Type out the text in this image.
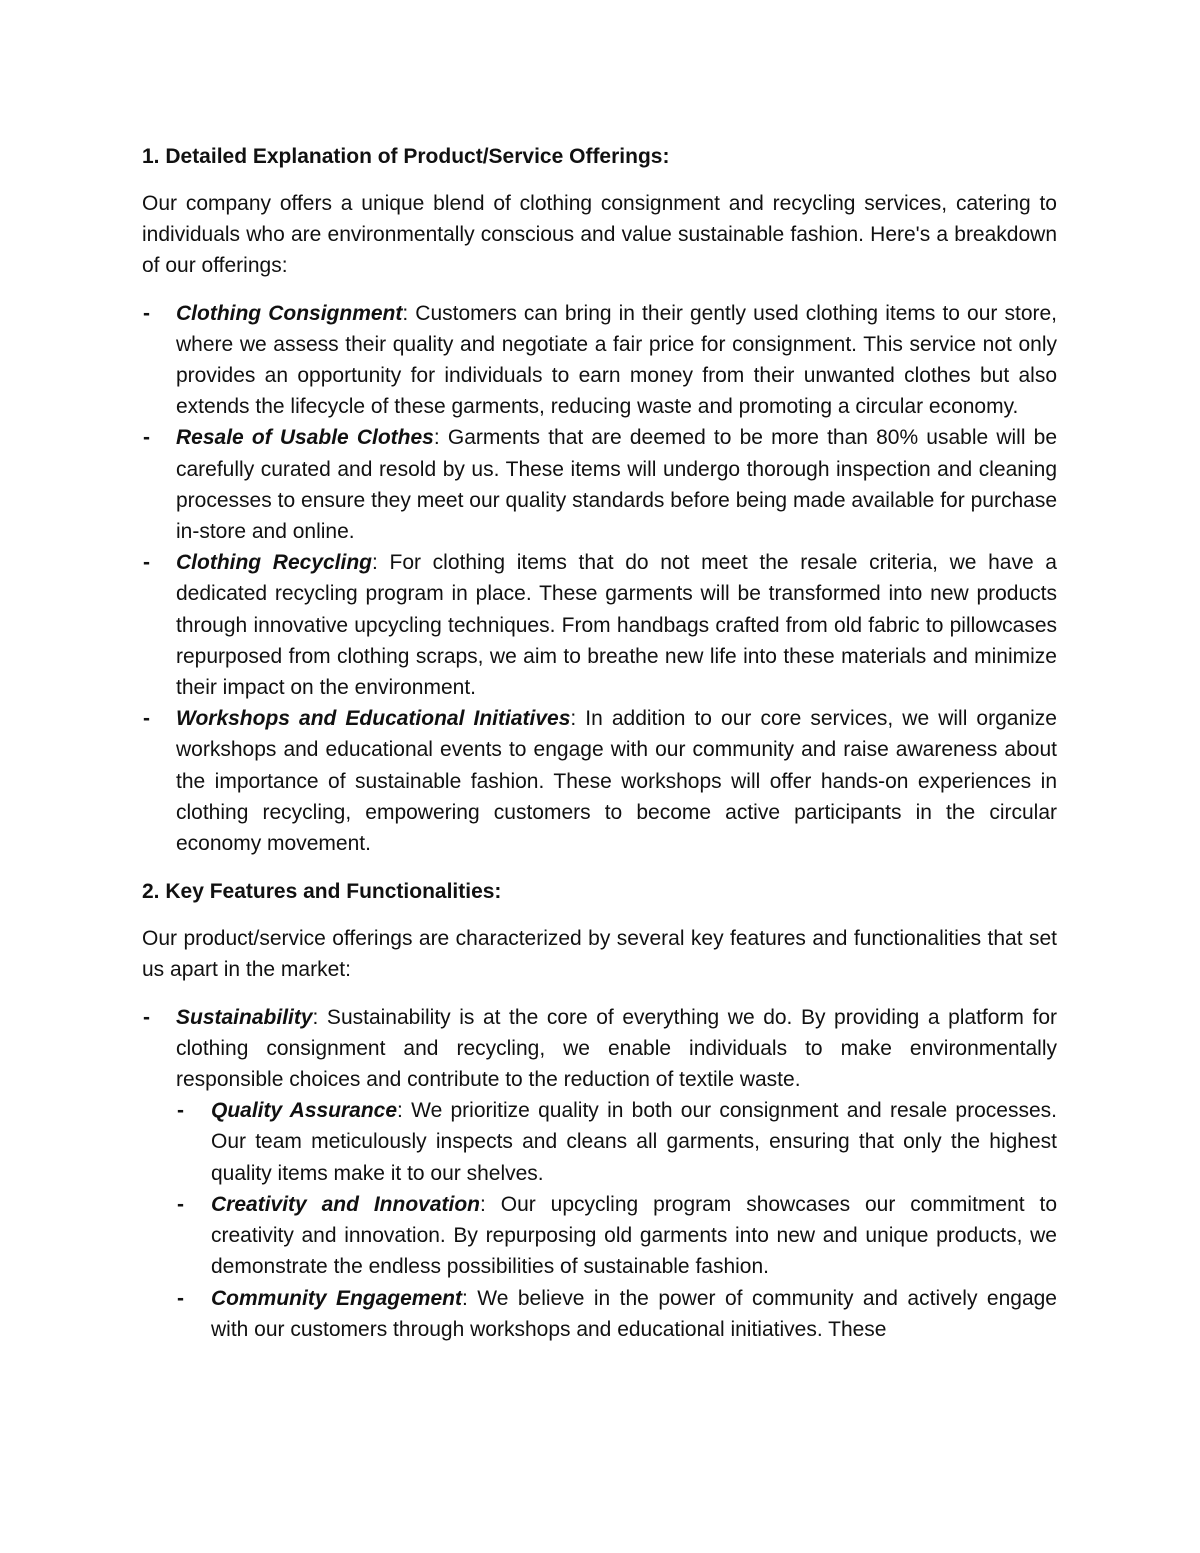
1. Detailed Explanation of Product/Service Offerings:

Our company offers a unique blend of clothing consignment and recycling services, catering to individuals who are environmentally conscious and value sustainable fashion. Here's a breakdown of our offerings:

- Clothing Consignment: Customers can bring in their gently used clothing items to our store, where we assess their quality and negotiate a fair price for consignment. This service not only provides an opportunity for individuals to earn money from their unwanted clothes but also extends the lifecycle of these garments, reducing waste and promoting a circular economy.
- Resale of Usable Clothes: Garments that are deemed to be more than 80% usable will be carefully curated and resold by us. These items will undergo thorough inspection and cleaning processes to ensure they meet our quality standards before being made available for purchase in-store and online.
- Clothing Recycling: For clothing items that do not meet the resale criteria, we have a dedicated recycling program in place. These garments will be transformed into new products through innovative upcycling techniques. From handbags crafted from old fabric to pillowcases repurposed from clothing scraps, we aim to breathe new life into these materials and minimize their impact on the environment.
- Workshops and Educational Initiatives: In addition to our core services, we will organize workshops and educational events to engage with our community and raise awareness about the importance of sustainable fashion. These workshops will offer hands-on experiences in clothing recycling, empowering customers to become active participants in the circular economy movement.

2. Key Features and Functionalities:

Our product/service offerings are characterized by several key features and functionalities that set us apart in the market:

- Sustainability: Sustainability is at the core of everything we do. By providing a platform for clothing consignment and recycling, we enable individuals to make environmentally responsible choices and contribute to the reduction of textile waste.
- Quality Assurance: We prioritize quality in both our consignment and resale processes. Our team meticulously inspects and cleans all garments, ensuring that only the highest quality items make it to our shelves.
- Creativity and Innovation: Our upcycling program showcases our commitment to creativity and innovation. By repurposing old garments into new and unique products, we demonstrate the endless possibilities of sustainable fashion.
- Community Engagement: We believe in the power of community and actively engage with our customers through workshops and educational initiatives. These
